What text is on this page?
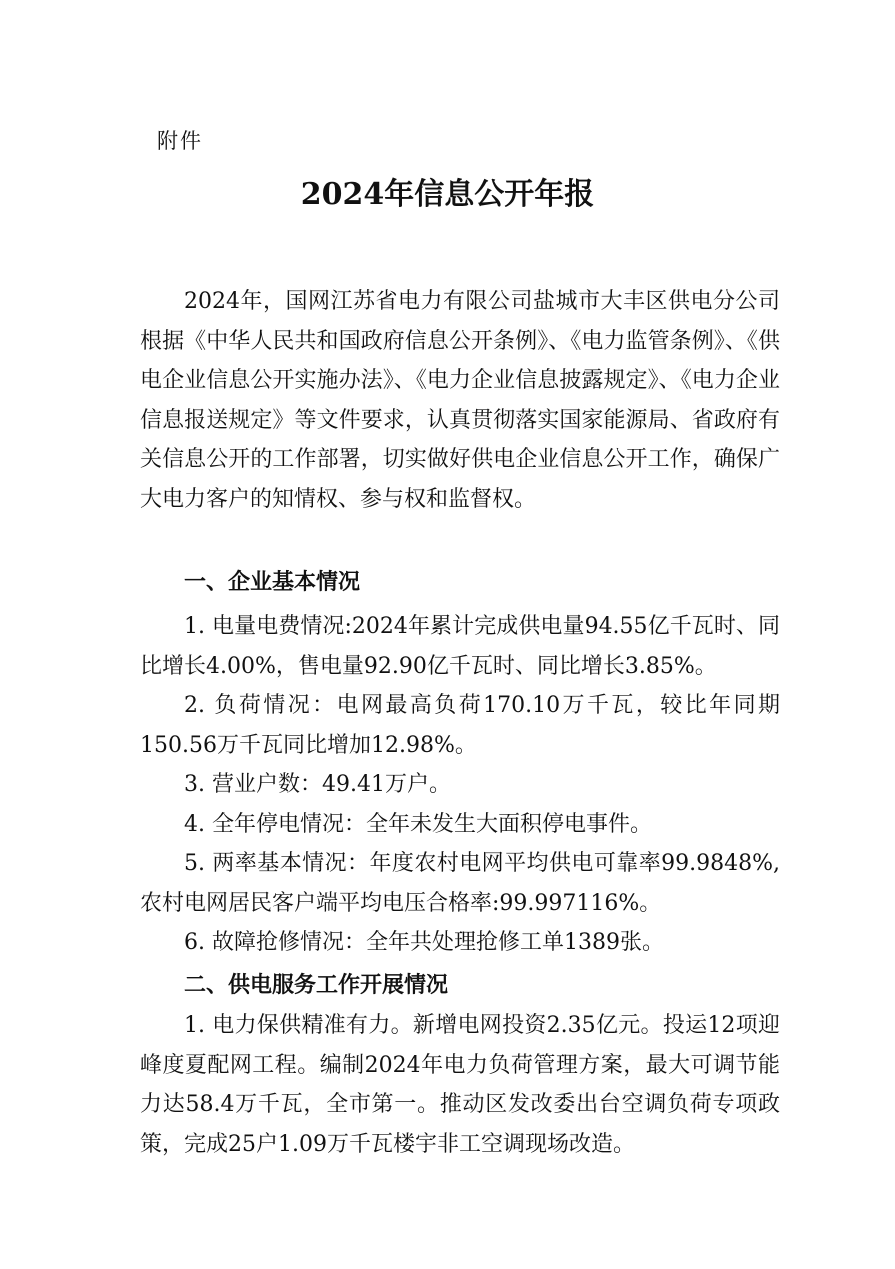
附件
2024年信息公开年报

2024年，国网江苏省电力有限公司盐城市大丰区供电分公司根据《中华人民共和国政府信息公开条例》、《电力监管条例》、《供电企业信息公开实施办法》、《电力企业信息披露规定》、《电力企业信息报送规定》等文件要求，认真贯彻落实国家能源局、省政府有关信息公开的工作部署，切实做好供电企业信息公开工作，确保广大电力客户的知情权、参与权和监督权。

一、企业基本情况

1. 电量电费情况:2024年累计完成供电量94.55亿千瓦时、同比增长4.00%，售电量92.90亿千瓦时、同比增长3.85%。

2. 负荷情况：电网最高负荷170.10万千瓦，较比年同期150.56万千瓦同比增加12.98%。

3. 营业户数：49.41万户。

4. 全年停电情况：全年未发生大面积停电事件。

5. 两率基本情况：年度农村电网平均供电可靠率99.9848%,农村电网居民客户端平均电压合格率:99.997116%。

6. 故障抢修情况：全年共处理抢修工单1389张。

二、供电服务工作开展情况

1. 电力保供精准有力。新增电网投资2.35亿元。投运12项迎峰度夏配网工程。编制2024年电力负荷管理方案，最大可调节能力达58.4万千瓦，全市第一。推动区发改委出台空调负荷专项政策，完成25户1.09万千瓦楼宇非工空调现场改造。
